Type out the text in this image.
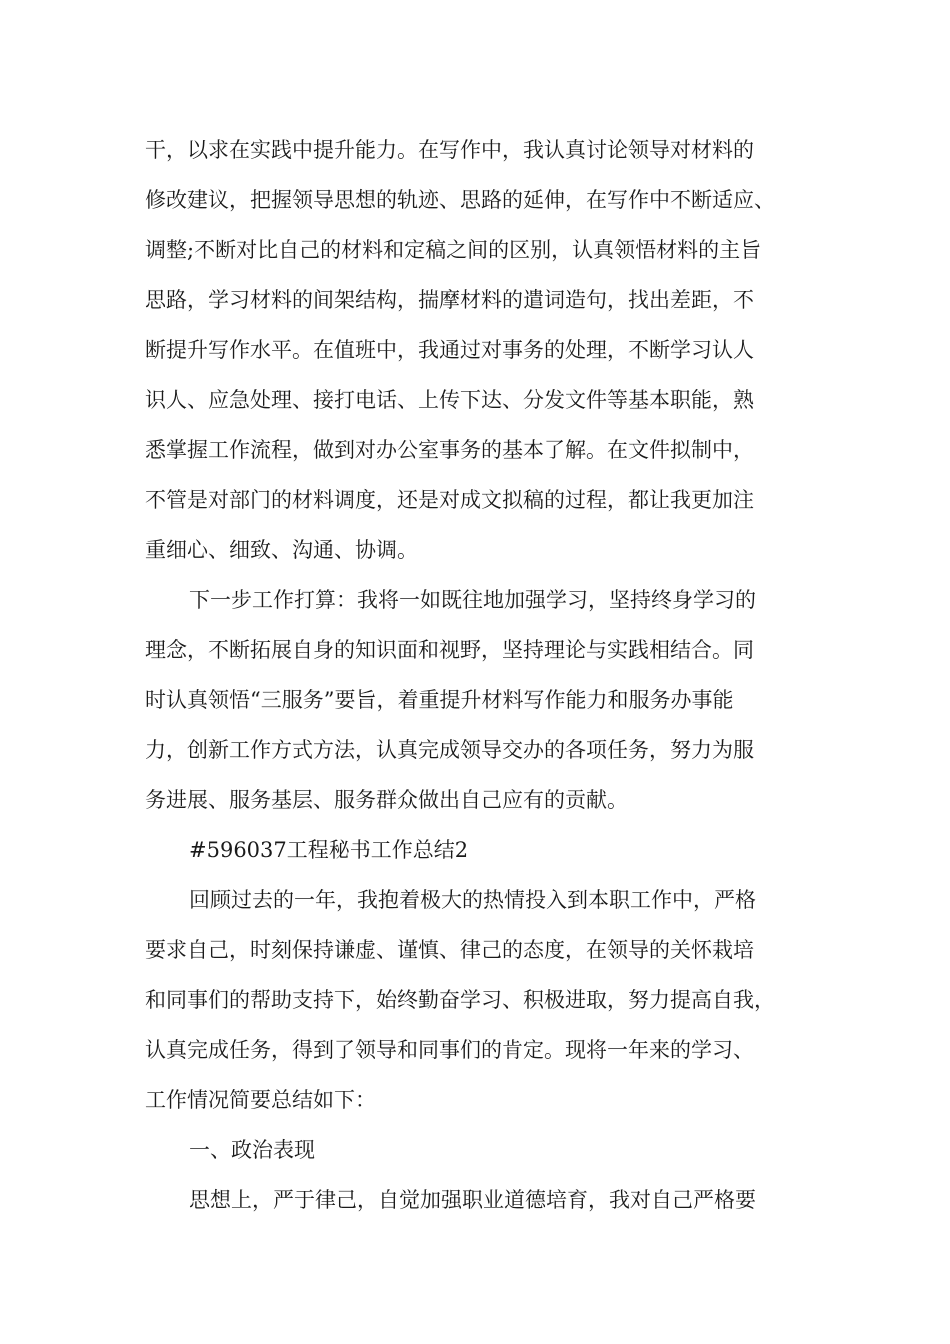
干，以求在实践中提升能力。在写作中，我认真讨论领导对材料的

修改建议，把握领导思想的轨迹、思路的延伸，在写作中不断适应、

调整;不断对比自己的材料和定稿之间的区别，认真领悟材料的主旨

思路，学习材料的间架结构，揣摩材料的遣词造句，找出差距，不

断提升写作水平。在值班中，我通过对事务的处理，不断学习认人

识人、应急处理、接打电话、上传下达、分发文件等基本职能，熟

悉掌握工作流程，做到对办公室事务的基本了解。在文件拟制中，

不管是对部门的材料调度，还是对成文拟稿的过程，都让我更加注

重细心、细致、沟通、协调。

下一步工作打算：我将一如既往地加强学习，坚持终身学习的

理念，不断拓展自身的知识面和视野，坚持理论与实践相结合。同

时认真领悟“三服务”要旨，着重提升材料写作能力和服务办事能

力，创新工作方式方法，认真完成领导交办的各项任务，努力为服

务进展、服务基层、服务群众做出自己应有的贡献。

#596037工程秘书工作总结2

回顾过去的一年，我抱着极大的热情投入到本职工作中，严格

要求自己，时刻保持谦虚、谨慎、律己的态度，在领导的关怀栽培

和同事们的帮助支持下，始终勤奋学习、积极进取，努力提高自我，

认真完成任务，得到了领导和同事们的肯定。现将一年来的学习、

工作情况简要总结如下：

一、政治表现

思想上，严于律己，自觉加强职业道德培育，我对自己严格要
